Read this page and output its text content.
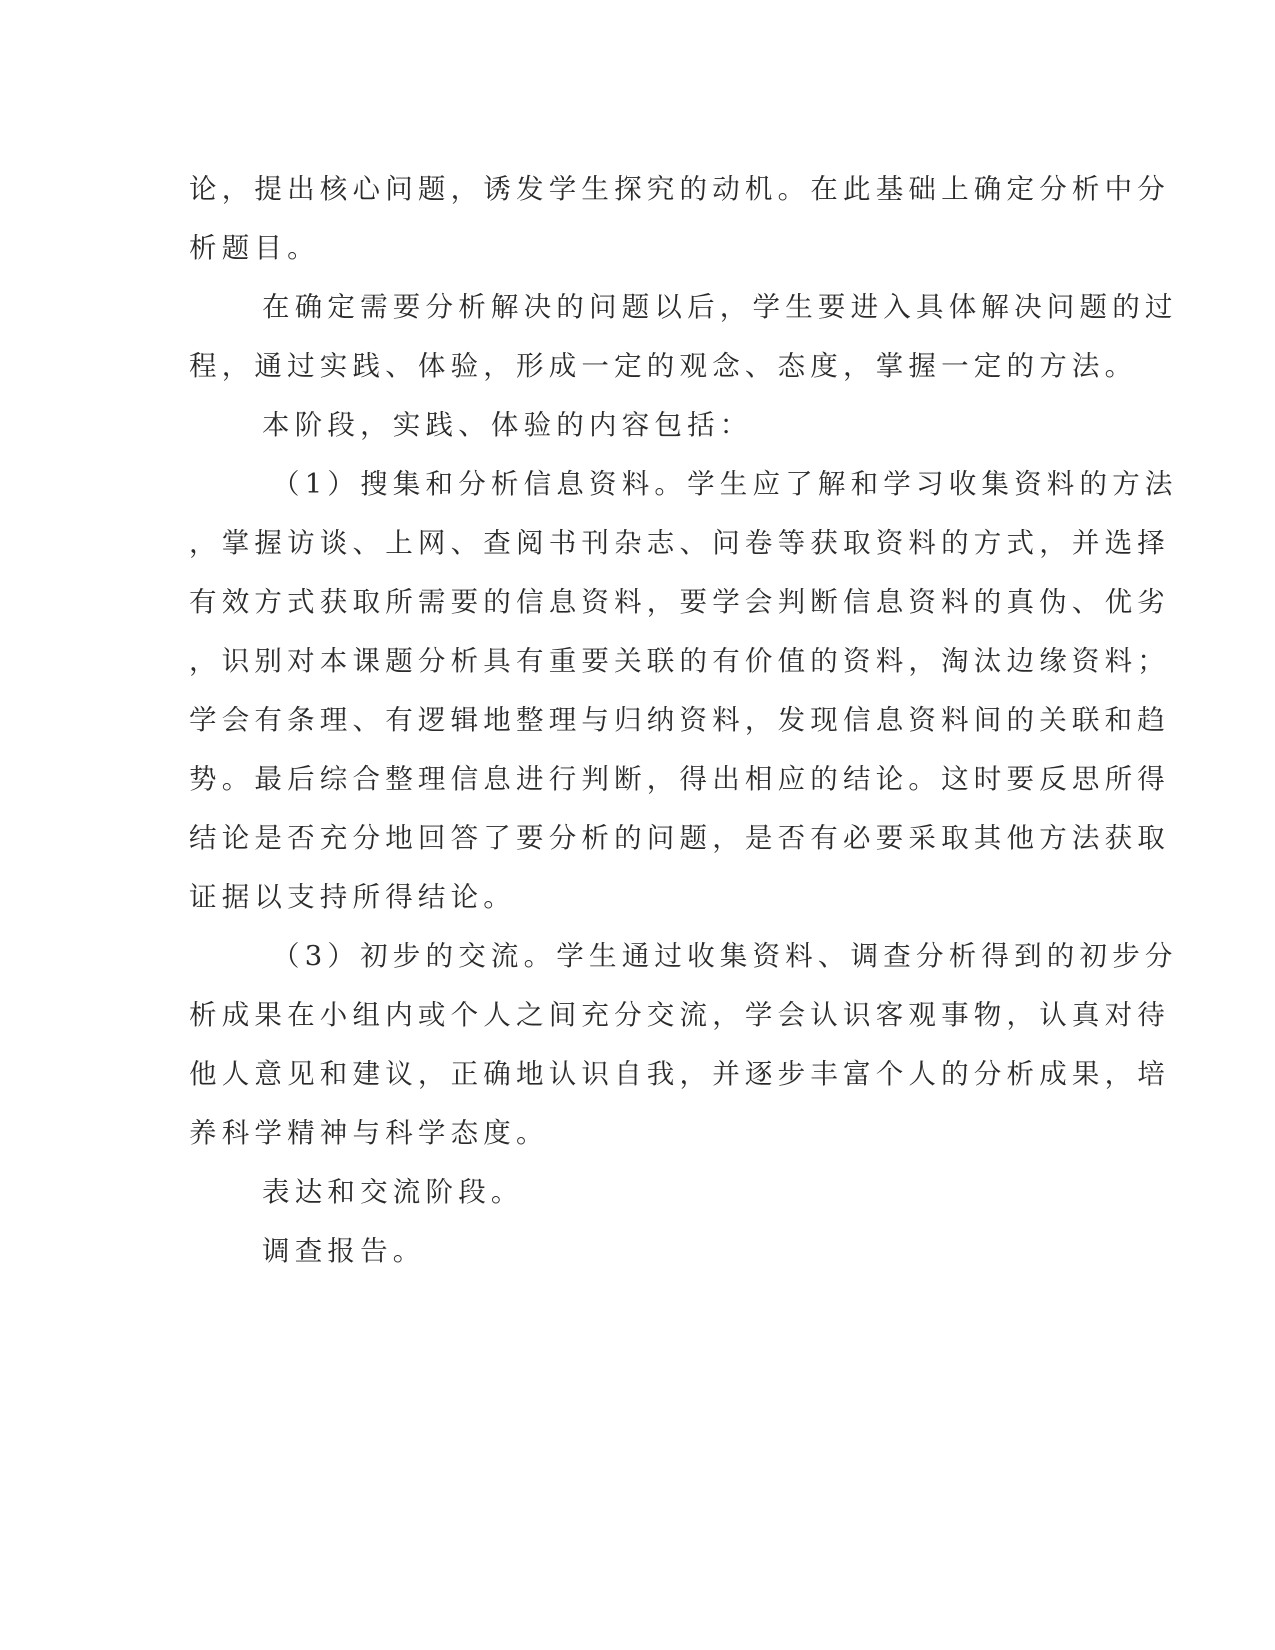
论，提出核心问题，诱发学生探究的动机。在此基础上确定分析中分
析题目。
在确定需要分析解决的问题以后，学生要进入具体解决问题的过
程，通过实践、体验，形成一定的观念、态度，掌握一定的方法。
本阶段，实践、体验的内容包括：
（1）搜集和分析信息资料。学生应了解和学习收集资料的方法
，掌握访谈、上网、查阅书刊杂志、问卷等获取资料的方式，并选择
有效方式获取所需要的信息资料，要学会判断信息资料的真伪、优劣
，识别对本课题分析具有重要关联的有价值的资料，淘汰边缘资料；
学会有条理、有逻辑地整理与归纳资料，发现信息资料间的关联和趋
势。最后综合整理信息进行判断，得出相应的结论。这时要反思所得
结论是否充分地回答了要分析的问题，是否有必要采取其他方法获取
证据以支持所得结论。
（3）初步的交流。学生通过收集资料、调查分析得到的初步分
析成果在小组内或个人之间充分交流，学会认识客观事物，认真对待
他人意见和建议，正确地认识自我，并逐步丰富个人的分析成果，培
养科学精神与科学态度。
表达和交流阶段。
调查报告。
